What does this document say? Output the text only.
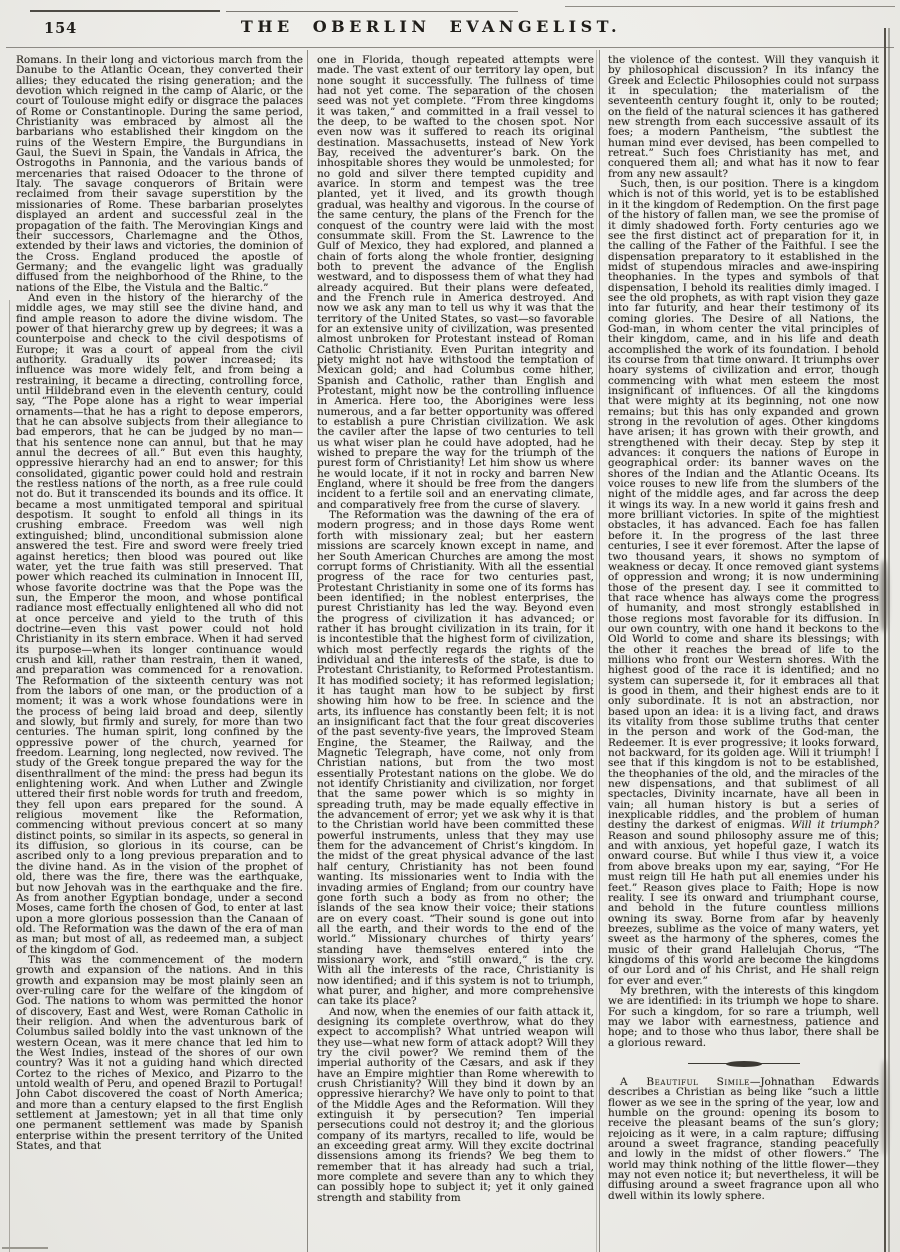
154	THE OBERLIN EVANGELIST.

Romans. In their long and victorious march from the Danube to the Atlantic Ocean, they converted their allies; they educated the rising generation; and the devotion which reigned in the camp of Alaric, or the court of Toulouse might edify or disgrace the palaces of Rome or Constantinople. During the same period, Christianity was embraced by almost all the barbarians who established their kingdom on the ruins of the Western Empire, the Burgundians in Gaul, the Suevi in Spain, the Vandals in Africa, the Ostrogoths in Pannonia, and the various bands of mercenaries that raised Odoacer to the throne of Italy. The savage conquerors of Britain were reclaimed from their savage superstition by the missionaries of Rome. These barbarian proselytes displayed an ardent and successful zeal in the propagation of the faith. The Merovingian Kings and their successors, Charlemagne and the Othos, extended by their laws and victories, the dominion of the Cross. England produced the apostle of Germany; and the evangelic light was gradually diffused from the neighborhood of the Rhine, to the nations of the Elbe, the Vistula and the Baltic.”

And even in the history of the hierarchy of the middle ages, we may still see the divine hand, and find ample reason to adore the divine wisdom. The power of that hierarchy grew up by degrees; it was a counterpoise and check to the civil despotisms of Europe; it was a court of appeal from the civil authority. Gradually its power increased; its influence was more widely felt, and from being a restraining, it became a directing, controlling force, until Hildebrand even in the eleventh century, could say, “The Pope alone has a right to wear imperial ornaments—that he has a right to depose emperors, that he can absolve subjects from their allegiance to bad emperors, that he can be judged by no man—that his sentence none can annul, but that he may annul the decrees of all.” But even this haughty, oppressive hierarchy had an end to answer; for this consolidated, gigantic power could hold and restrain the restless nations of the north, as a free rule could not do. But it transcended its bounds and its office. It became a most unmitigated temporal and spiritual despotism. It sought to enfold all things in its crushing embrace. Freedom was well nigh extinguished; blind, unconditional submission alone answered the test. Fire and sword were freely tried against heretics; then blood was poured out like water, yet the true faith was still preserved. That power which reached its culmination in Innocent III, whose favorite doctrine was that the Pope was the sun, the Emperor the moon, and whose pontifical radiance most effectually enlightened all who did not at once perceive and yield to the truth of this doctrine—even this vast power could not hold Christianity in its stern embrace. When it had served its purpose—when its longer continuance would crush and kill, rather than restrain, then it waned, and preparation was commenced for a renovation. The Reformation of the sixteenth century was not from the labors of one man, or the production of a moment; it was a work whose foundations were in the process of being laid broad and deep, silently and slowly, but firmly and surely, for more than two centuries. The human spirit, long confined by the oppressive power of the church, yearned for freedom. Learning, long neglected, now revived. The study of the Greek tongue prepared the way for the disenthrallment of the mind: the press had begun its enlightening work. And when Luther and Zwingle uttered their first noble words for truth and freedom, they fell upon ears prepared for the sound. A religious movement like the Reformation, commencing without previous concert at so many distinct points, so similar in its aspects, so general in its diffusion, so glorious in its course, can be ascribed only to a long previous preparation and to the divine hand. As in the vision of the prophet of old, there was the fire, there was the earthquake, but now Jehovah was in the earthquake and the fire. As from another Egyptian bondage, under a second Moses, came forth the chosen of God, to enter at last upon a more glorious possession than the Canaan of old. The Reformation was the dawn of the era of man as man; but most of all, as redeemed man, a subject of the kingdom of God.

This was the commencement of the modern growth and expansion of the nations. And in this growth and expansion may be most plainly seen an over-ruling care for the welfare of the kingdom of God. The nations to whom was permitted the honor of discovery, East and West, were Roman Catholic in their religion. And when the adventurous bark of Columbus sailed boldly into the vast unknown of the western Ocean, was it mere chance that led him to the West Indies, instead of the shores of our own country? Was it not a guiding hand which directed Cortez to the riches of Mexico, and Pizarro to the untold wealth of Peru, and opened Brazil to Portugal! John Cabot discovered the coast of North America; and more than a century elapsed to the first English settlement at Jamestown; yet in all that time only one permanent settlement was made by Spanish enterprise within the present territory of the United States, and that

one in Florida, though repeated attempts were made. The vast extent of our territory lay open, but none sought it successfully. The fullness of time had not yet come. The separation of the chosen seed was not yet complete. “From three kingdoms it was taken,” and committed in a frail vessel to the deep, to be wafted to the chosen spot. Nor even now was it suffered to reach its original destination. Massachusetts, instead of New York Bay, received the adventurer’s bark. On the inhospitable shores they would be unmolested; for no gold and silver there tempted cupidity and avarice. In storm and tempest was the tree planted, yet it lived, and its growth though gradual, was healthy and vigorous. In the course of the same century, the plans of the French for the conquest of the country were laid with the most consummate skill. From the St. Lawrence to the Gulf of Mexico, they had explored, and planned a chain of forts along the whole frontier, designing both to prevent the advance of the English westward, and to dispossess them of what they had already acquired. But their plans were defeated, and the French rule in America destroyed. And now we ask any man to tell us why it was that the territory of the United States, so vast—so favorable for an extensive unity of civilization, was presented almost unbroken for Protestant instead of Roman Catholic Christianity. Even Puritan integrity and piety might not have withstood the temptation of Mexican gold; and had Columbus come hither, Spanish and Catholic, rather than English and Protestant, might now be the controlling influence in America. Here too, the Aborigines were less numerous, and a far better opportunity was offered to establish a pure Christian civilization. We ask the caviler after the lapse of two centuries to tell us what wiser plan he could have adopted, had he wished to prepare the way for the triumph of the purest form of Christianity! Let him show us where he would locate, if it not in rocky and barren New England, where it should be free from the dangers incident to a fertile soil and an enervating climate, and comparatively free from the curse of slavery.

The Reformation was the dawning of the era of modern progress; and in those days Rome went forth with missionary zeal; but her eastern missions are scarcely known except in name, and her South American Churches are among the most corrupt forms of Christianity. With all the essential progress of the race for two centuries past, Protestant Christianity in some one of its forms has been identified; in the noblest enterprises, the purest Christianity has led the way. Beyond even the progress of civilization it has advanced; or rather it has brought civilization in its train, for it is incontestible that the highest form of civilization, which most perfectly regards the rights of the individual and the interests of the state, is due to Protestant Christianity, to Reformed Protestantism. It has modified society; it has reformed legislation; it has taught man how to be subject by first showing him how to be free. In science and the arts, its influence has constantly been felt; it is not an insignificant fact that the four great discoveries of the past seventy-five years, the Improved Steam Engine, the Steamer, the Railway, and the Magnetic Telegraph, have come, not only from Christian nations, but from the two most essentially Protestant nations on the globe. We do not identify Christianity and civilization, nor forget that the same power which is so mighty in spreading truth, may be made equally effective in the advancement of error; yet we ask why it is that to the Christian world have been committed these powerful instruments, unless that they may use them for the advancement of Christ’s kingdom. In the midst of the great physical advance of the last half century, Christianity has not been found wanting. Its missionaries went to India with the invading armies of England; from our country have gone forth such a body as from no other; the islands of the sea know their voice; their stations are on every coast. “Their sound is gone out into all the earth, and their words to the end of the world.” Missionary churches of thirty years’ standing have themselves entered into the missionary work, and “still onward,” is the cry. With all the interests of the race, Christianity is now identified; and if this system is not to triumph, what purer, and higher, and more comprehensive can take its place?

And now, when the enemies of our faith attack it, designing its complete overthrow, what do they expect to accomplish? What untried weapon will they use—what new form of attack adopt? Will they try the civil power? We remind them of the imperial authority of the Cæsars, and ask if they have an Empire mightier than Rome wherewith to crush Christianity? Will they bind it down by an oppressive hierarchy? We have only to point to that of the Middle Ages and the Reformation. Will they extinguish it by persecution? Ten imperial persecutions could not destroy it; and the glorious company of its martyrs, recalled to life, would be an exceeding great army. Will they excite doctrinal dissensions among its friends? We beg them to remember that it has already had such a trial, more complete and severe than any to which they can possibly hope to subject it; yet it only gained strength and stability from

the violence of the contest. Will they vanquish it by philosophical discussion? In its infancy the Greek and Eclectic Philosophies could not surpass it in speculation; the materialism of the seventeenth century fought it, only to be routed; on the field of the natural sciences it has gathered new strength from each successive assault of its foes; a modern Pantheism, “the subtlest the human mind ever devised, has been compelled to retreat.” Such foes Christianity has met, and conquered them all; and what has it now to fear from any new assault?

Such, then, is our position. There is a kingdom which is not of this world, yet is to be established in it the kingdom of Redemption. On the first page of the history of fallen man, we see the promise of it dimly shadowed forth. Forty centuries ago we see the first distinct act of preparation for it, in the calling of the Father of the Faithful. I see the dispensation preparatory to it established in the midst of stupendous miracles and awe-inspiring theophanies. In the types and symbols of that dispensation, I behold its realities dimly imaged. I see the old prophets, as with rapt vision they gaze into far futurity, and hear their testimony of its coming glories. The Desire of all Nations, the God-man, in whom center the vital principles of their kingdom, came, and in his life and death accomplished the work of its foundation. I behold its course from that time onward. It triumphs over hoary systems of civilization and error, though commencing with what men esteem the most insignificant of influences. Of all the kingdoms that were mighty at its beginning, not one now remains; but this has only expanded and grown strong in the revolution of ages. Other kingdoms have arisen; it has grown with their growth, and strengthened with their decay. Step by step it advances: it conquers the nations of Europe in geographical order: its banner waves on the shores of the Indian and the Atlantic Oceans. Its voice rouses to new life from the slumbers of the night of the middle ages, and far across the deep it wings its way. In a new world it gains fresh and more brilliant victories. In spite of the mightiest obstacles, it has advanced. Each foe has fallen before it. In the progress of the last three centuries, I see it ever foremost. After the lapse of two thousand years, it shows no symptom of weakness or decay. It once removed giant systems of oppression and wrong; it is now undermining those of the present day. I see it committed to that race whence has always come the progress of humanity, and most strongly established in those regions most favorable for its diffusion. In our own country, with one hand it beckons to the Old World to come and share its blessings; with the other it reaches the bread of life to the millions who front our Western shores. With the highest good of the race it is identified; and no system can supersede it, for it embraces all that is good in them, and their highest ends are to it only subordinate. It is not an abstraction, nor based upon an idea: it is a living fact, and draws its vitality from those sublime truths that center in the person and work of the God-man, the Redeemer. It is ever progressive; it looks forward, not backward, for its golden age. Will it triumph! I see that if this kingdom is not to be established, the theophanies of the old, and the miracles of the new dispensations, and that sublimest of all spectacles, Divinity incarnate, have all been in vain; all human history is but a series of inexplicable riddles, and the problem of human destiny the darkest of enigmas. Will it triumph? Reason and sound philosophy assure me of this; and with anxious, yet hopeful gaze, I watch its onward course. But while I thus view it, a voice from above breaks upon my ear, saying, “For He must reign till He hath put all enemies under his feet.” Reason gives place to Faith; Hope is now reality. I see its onward and triumphant course, and behold in the future countless millions owning its sway. Borne from afar by heavenly breezes, sublime as the voice of many waters, yet sweet as the harmony of the spheres, comes the music of their grand Hallelujah Chorus, “The kingdoms of this world are become the kingdoms of our Lord and of his Christ, and He shall reign for ever and ever.”

My brethren, with the interests of this kingdom we are identified: in its triumph we hope to share. For such a kingdom, for so rare a triumph, well may we labor with earnestness, patience and hope; and to those who thus labor, there shall be a glorious reward.

A Beautiful Simile—Johnathan Edwards describes a Christian as being like “such a little flower as we see in the spring of the year, low and humble on the ground: opening its bosom to receive the pleasant beams of the sun’s glory; rejoicing as it were, in a calm rapture; diffusing around a sweet fragrance, standing peacefully and lowly in the midst of other flowers.” The world may think nothing of the little flower—they may not even notice it; but nevertheless, it will be diffusing around a sweet fragrance upon all who dwell within its lowly sphere.
